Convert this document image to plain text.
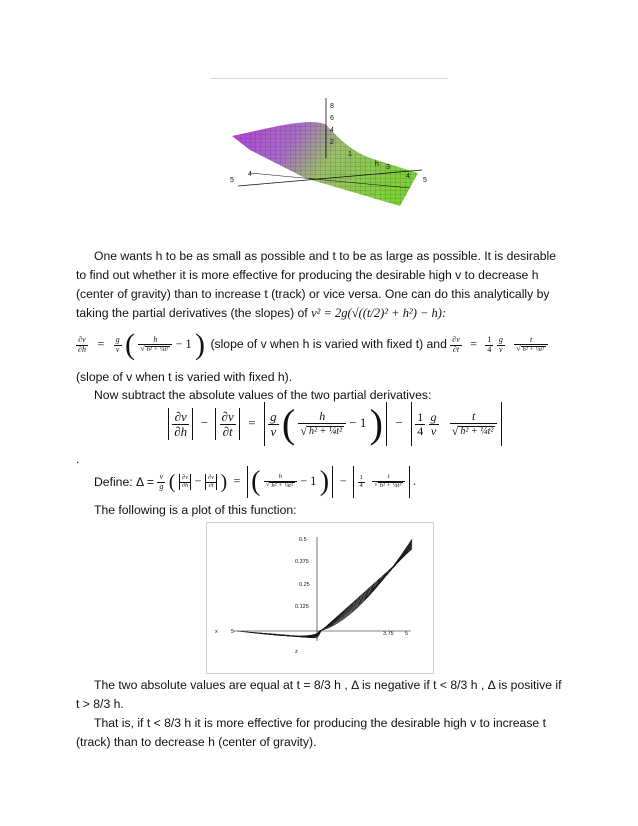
8
6
4
2
1
h 3
4	4
5	5
One wants h to be as small as possible and t to be as large as possible. It is desirable to find out whether it is more effective for producing the desirable high v to decrease h (center of gravity) than to increase t (track) or vice versa. One can do this analytically by taking the partial derivatives (the slopes) of v² = 2g(√((t/2)² + h²) − h):
$\frac{\partial v}{\partial h} = \frac{g}{v}$ ( $\frac{h}{\text{√ h² + ¼t²}} - 1$ ) (slope of v when h is varied with fixed t) and $\frac{\partial v}{\partial t} = \frac{1}{4}$
$\frac{g}{v}$
$\frac{t}{\text{√ h² + ¼t²}}$
(slope of v when t is varied with fixed h).
Now subtract the absolute values of the two partial derivatives:

$\frac{\partial v}{\partial h} - \frac{\partial v}{\partial t} = \frac{g}{v}$ ( $\frac{h}{\text{√ h² + ¼t²}} - 1$ ) − $\frac{1}{4}$
$\frac{g}{v}$
$\frac{t}{\text{√ h² + ¼t²}}$

.
Define: $\Delta = \frac{v}{g}$ ( $\frac{\partial v}{\partial h} - \frac{\partial v}{\partial t}$ ) = ( $\frac{h}{\text{√ h² + ¼t²}} - 1$ ) − $\frac{1}{4}$
$\frac{t}{\text{√ h² + ¼t²}}$ .
The following is a plot of this function:
0.5
0.375
0.25
0.125
x 5	3.75 5
z
The two absolute values are equal at t = 8/3 h , Δ is negative if t < 8/3 h , Δ is positive if t > 8/3 h.
That is, if t < 8/3 h it is more effective for producing the desirable high v to increase t (track) than to decrease h (center of gravity).
